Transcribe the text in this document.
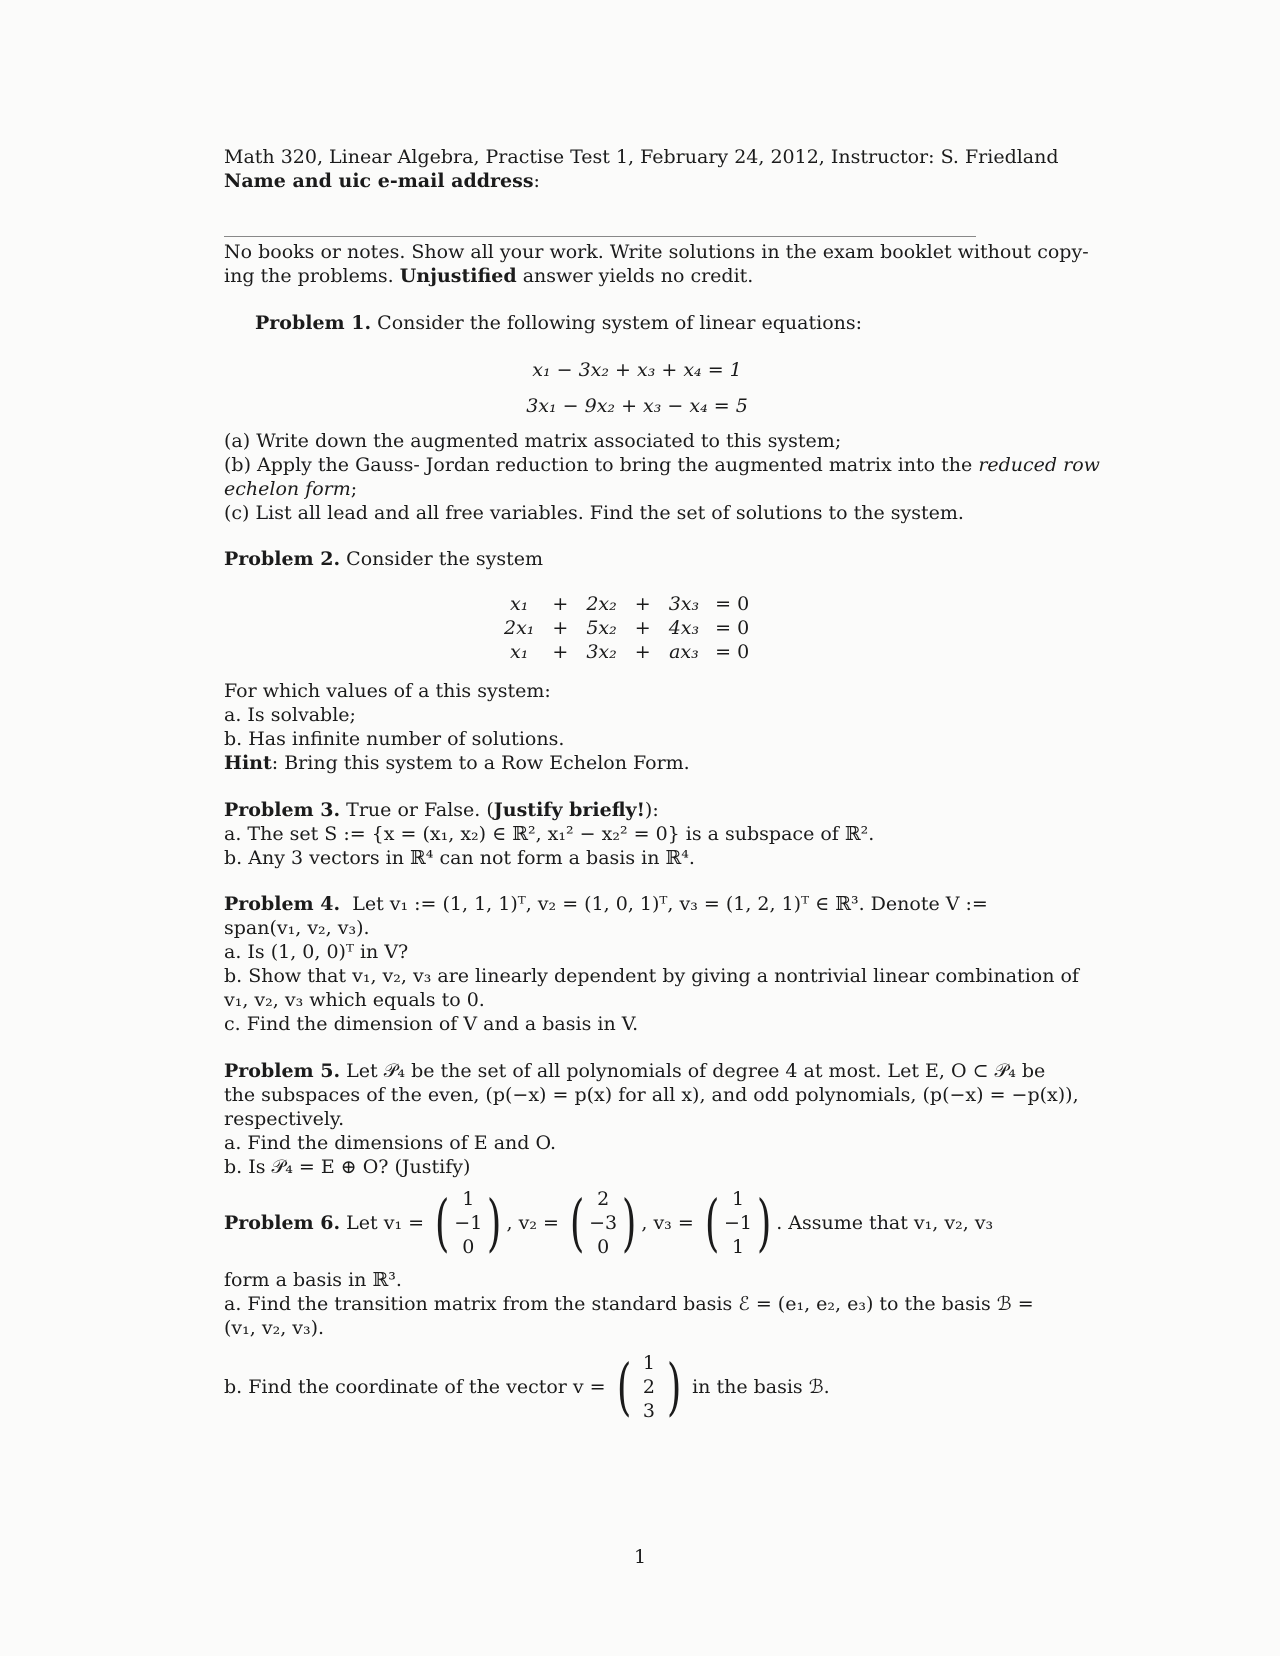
Math 320, Linear Algebra, Practise Test 1, February 24, 2012, Instructor: S. Friedland
Name and uic e-mail address:
No books or notes. Show all your work. Write solutions in the exam booklet without copy-
ing the problems. Unjustified answer yields no credit.
Problem 1. Consider the following system of linear equations:
x₁ − 3x₂ + x₃ + x₄ = 1
3x₁ − 9x₂ + x₃ − x₄ = 5
(a) Write down the augmented matrix associated to this system;
(b) Apply the Gauss- Jordan reduction to bring the augmented matrix into the reduced row
echelon form;
(c) List all lead and all free variables. Find the set of solutions to the system.
Problem 2. Consider the system
x₁	+	2x₂	+	3x₃	= 0
2x₁	+	5x₂	+	4x₃	= 0
x₁	+	3x₂	+	ax₃	= 0
For which values of a this system:
a. Is solvable;
b. Has infinite number of solutions.
Hint: Bring this system to a Row Echelon Form.
Problem 3. True or False. (Justify briefly!):
a. The set S := {x = (x₁, x₂) ∈ ℝ², x₁² − x₂² = 0} is a subspace of ℝ².
b. Any 3 vectors in ℝ⁴ can not form a basis in ℝ⁴.
Problem 4. Let v₁ := (1, 1, 1)ᵀ, v₂ = (1, 0, 1)ᵀ, v₃ = (1, 2, 1)ᵀ ∈ ℝ³. Denote V :=
span(v₁, v₂, v₃).
a. Is (1, 0, 0)ᵀ in V?
b. Show that v₁, v₂, v₃ are linearly dependent by giving a nontrivial linear combination of
v₁, v₂, v₃ which equals to 0.
c. Find the dimension of V and a basis in V.
Problem 5. Let 𝒫₄ be the set of all polynomials of degree 4 at most. Let E, O ⊂ 𝒫₄ be
the subspaces of the even, (p(−x) = p(x) for all x), and odd polynomials, (p(−x) = −p(x)),
respectively.
a. Find the dimensions of E and O.
b. Is 𝒫₄ = E ⊕ O? (Justify)
Problem 6.
Let v₁ =
( 1
−1
0 ) , v₂ =
( 2
−3
0 ) , v₃ =
( 1
−1
1 ) . Assume that v₁, v₂, v₃
form a basis in ℝ³.
a. Find the transition matrix from the standard basis ℰ = (e₁, e₂, e₃) to the basis ℬ =
(v₁, v₂, v₃).
b. Find the coordinate of the vector v =
( 1
2
3 )
in the basis ℬ.
1
